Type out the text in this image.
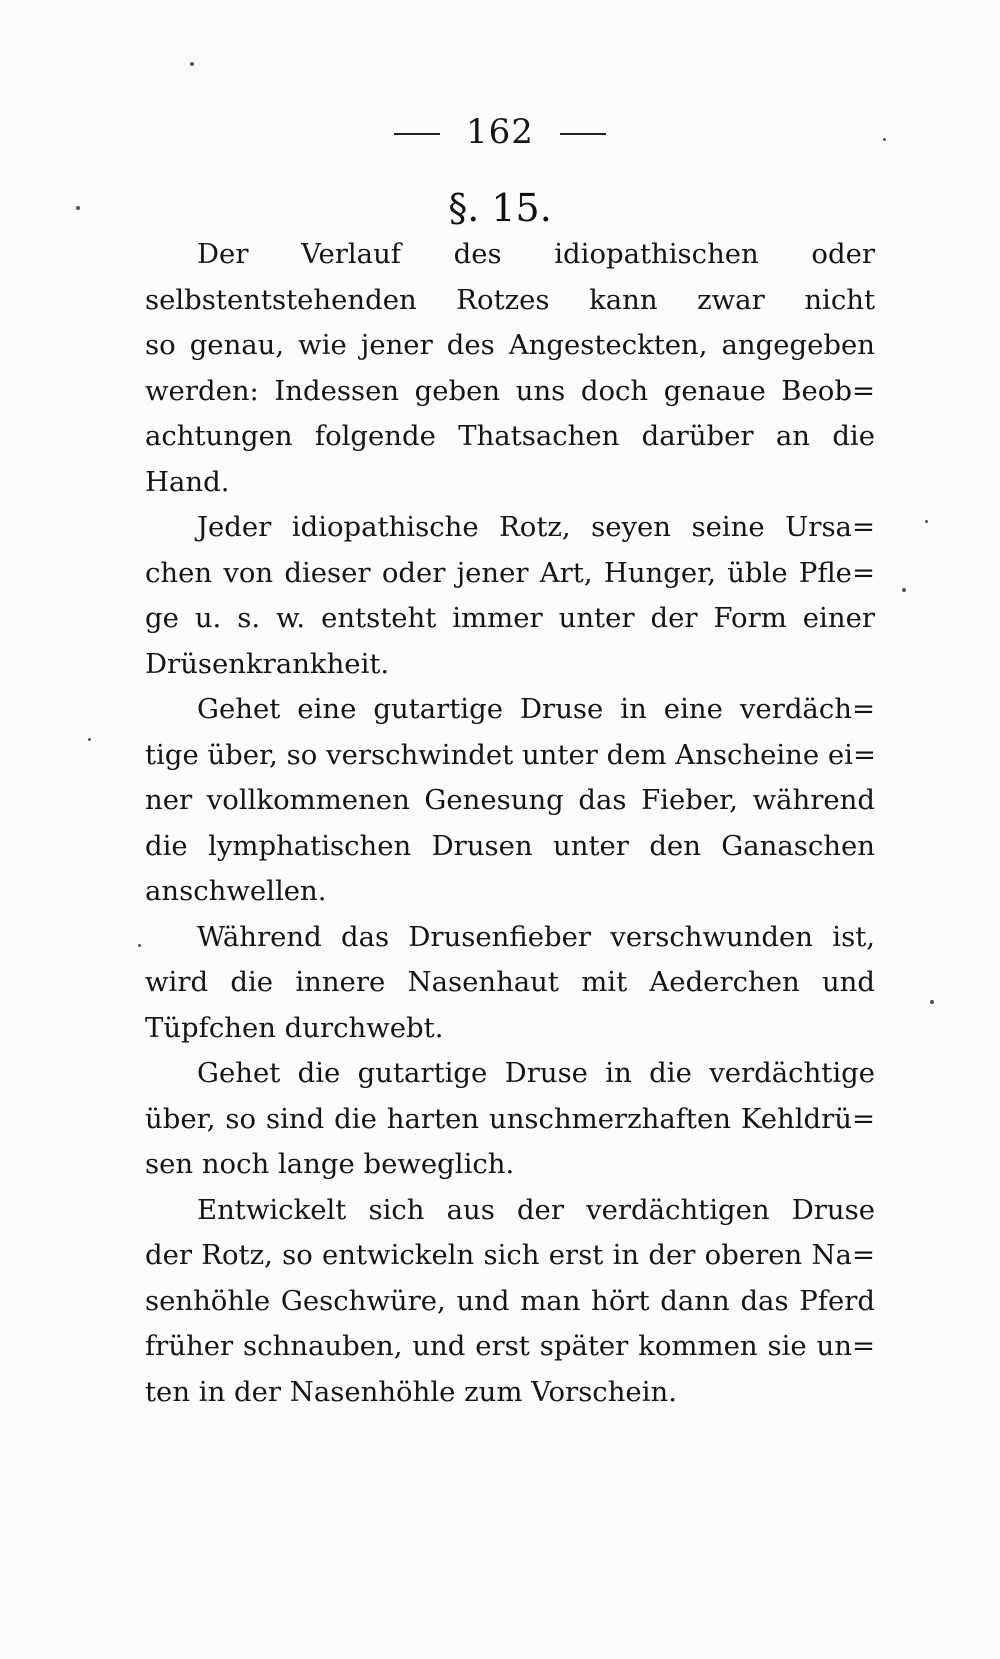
162
§. 15.
Der Verlauf des idiopathischen oder
selbstentstehenden Rotzes kann zwar nicht
so genau, wie jener des Angesteckten, angegeben
werden: Indessen geben uns doch genaue Beob=
achtungen folgende Thatsachen darüber an die
Hand.
Jeder idiopathische Rotz, seyen seine Ursa=
chen von dieser oder jener Art, Hunger, üble Pfle=
ge u. s. w. entsteht immer unter der Form einer
Drüsenkrankheit.
Gehet eine gutartige Druse in eine verdäch=
tige über, so verschwindet unter dem Anscheine ei=
ner vollkommenen Genesung das Fieber, während
die lymphatischen Drusen unter den Ganaschen
anschwellen.
Während das Drusenfieber verschwunden ist,
wird die innere Nasenhaut mit Aederchen und
Tüpfchen durchwebt.
Gehet die gutartige Druse in die verdächtige
über, so sind die harten unschmerzhaften Kehldrü=
sen noch lange beweglich.
Entwickelt sich aus der verdächtigen Druse
der Rotz, so entwickeln sich erst in der oberen Na=
senhöhle Geschwüre, und man hört dann das Pferd
früher schnauben, und erst später kommen sie un=
ten in der Nasenhöhle zum Vorschein.
